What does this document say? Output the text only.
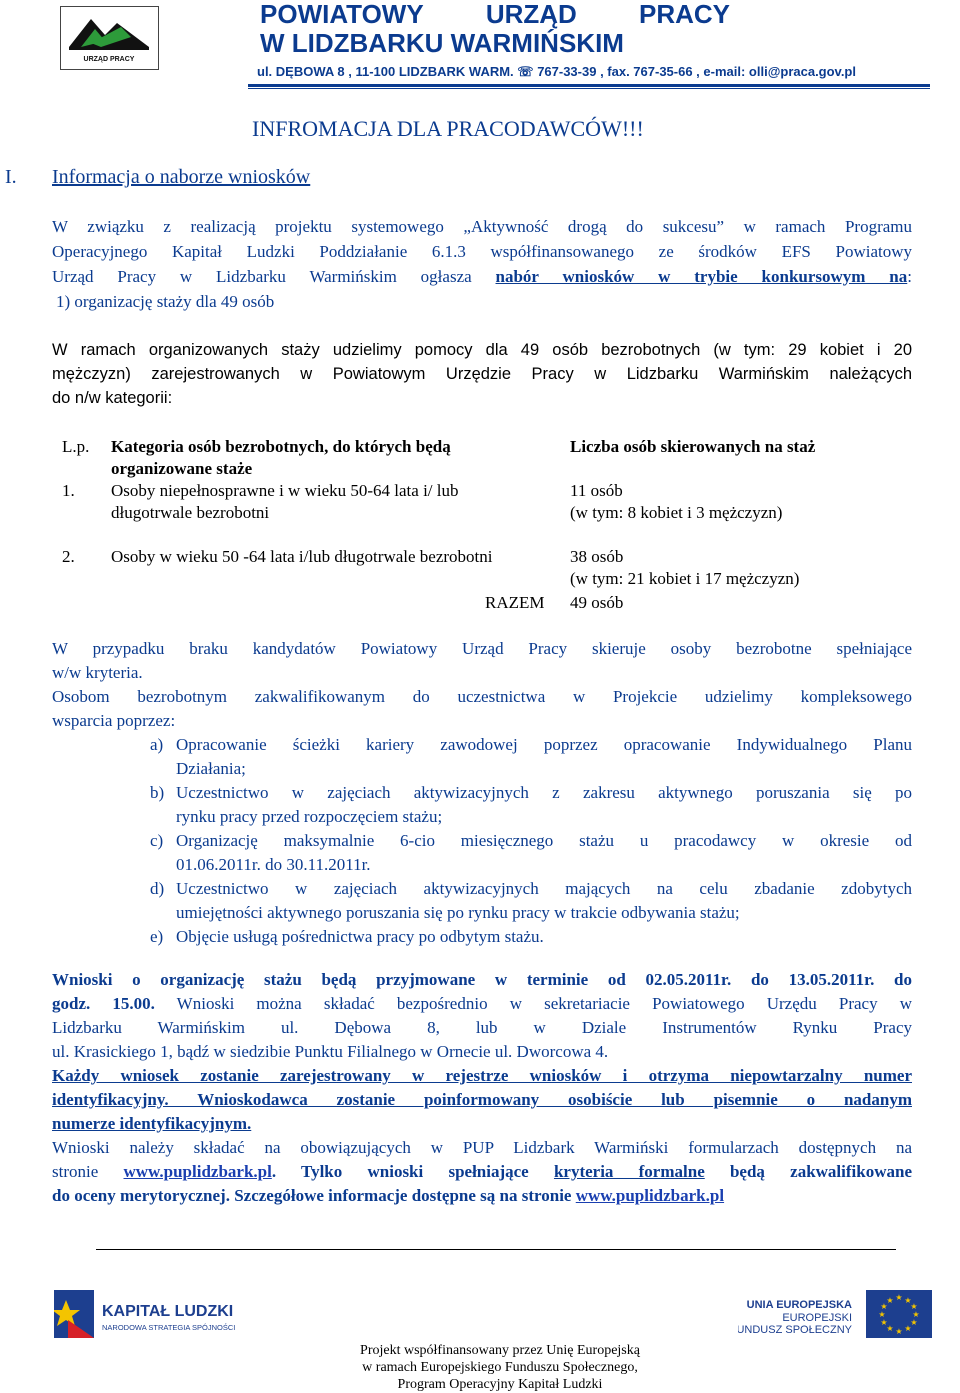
URZĄD PRACY
POWIATOWY URZĄD PRACY
W LIDZBARKU WARMIŃSKIM
ul. DĘBOWA 8 , 11-100 LIDZBARK WARM. ☏ 767-33-39 , fax. 767-35-66 , e-mail: olli@praca.gov.pl
INFROMACJA DLA PRACODAWCÓW!!!
I. Informacja o naborze wniosków
W związku z realizacją projektu systemowego „Aktywność drogą do sukcesu” w ramach Programu
Operacyjnego Kapitał Ludzki Poddziałanie 6.1.3 współfinansowanego ze środków EFS Powiatowy
Urząd Pracy w Lidzbarku Warmińskim ogłasza nabór wniosków w trybie konkursowym na:
1) organizację staży dla 49 osób
W ramach organizowanych staży udzielimy pomocy dla 49 osób bezrobotnych (w tym: 29 kobiet i 20
mężczyzn) zarejestrowanych w Powiatowym Urzędzie Pracy w Lidzbarku Warmińskim należących
do n/w kategorii:
L.p. Kategoria osób bezrobotnych, do których będą
organizowane staże
Liczba osób skierowanych na staż
1. Osoby niepełnosprawne i w wieku 50-64 lata i/ lub
długotrwale bezrobotni
11 osób
(w tym: 8 kobiet i 3 mężczyzn)
2. Osoby w wieku 50 -64 lata i/lub długotrwale bezrobotni	38 osób
(w tym: 21 kobiet i 17 mężczyzn)
RAZEM 49 osób
W przypadku braku kandydatów Powiatowy Urząd Pracy skieruje osoby bezrobotne spełniające
w/w kryteria.
Osobom bezrobotnym zakwalifikowanym do uczestnictwa w Projekcie udzielimy kompleksowego
wsparcia poprzez:
a) Opracowanie ścieżki kariery zawodowej poprzez opracowanie Indywidualnego Planu
Działania;
b) Uczestnictwo w zajęciach aktywizacyjnych z zakresu aktywnego poruszania się po
rynku pracy przed rozpoczęciem stażu;
c) Organizację maksymalnie 6-cio miesięcznego stażu u pracodawcy w okresie od
01.06.2011r. do 30.11.2011r.
d) Uczestnictwo w zajęciach aktywizacyjnych mających na celu zbadanie zdobytych
umiejętności aktywnego poruszania się po rynku pracy w trakcie odbywania stażu;
e) Objęcie usługą pośrednictwa pracy po odbytym stażu.
Wnioski o organizację stażu będą przyjmowane w terminie od 02.05.2011r. do 13.05.2011r. do
godz. 15.00. Wnioski można składać bezpośrednio w sekretariacie Powiatowego Urzędu Pracy w
Lidzbarku Warmińskim ul. Dębowa 8, lub w Dziale Instrumentów Rynku Pracy
ul. Krasickiego 1, bądź w siedzibie Punktu Filialnego w Ornecie ul. Dworcowa 4.
Każdy wniosek zostanie zarejestrowany w rejestrze wniosków i otrzyma niepowtarzalny numer
identyfikacyjny. Wnioskodawca zostanie poinformowany osobiście lub pisemnie o nadanym
numerze identyfikacyjnym.
Wnioski należy składać na obowiązujących w PUP Lidzbark Warmiński formularzach dostępnych na
stronie www.puplidzbark.pl. Tylko wnioski spełniające kryteria formalne będą zakwalifikowane
do oceny merytorycznej. Szczegółowe informacje dostępne są na stronie www.puplidzbark.pl
KAPITAŁ LUDZKI
NARODOWA STRATEGIA SPÓJNOŚCI
UNIA EUROPEJSKA
EUROPEJSKI
FUNDUSZ SPOŁECZNY
★ ★
★
★
★
★
★
★
★
★
★
★
Projekt współfinansowany przez Unię Europejską
w ramach Europejskiego Funduszu Społecznego,
Program Operacyjny Kapitał Ludzki
